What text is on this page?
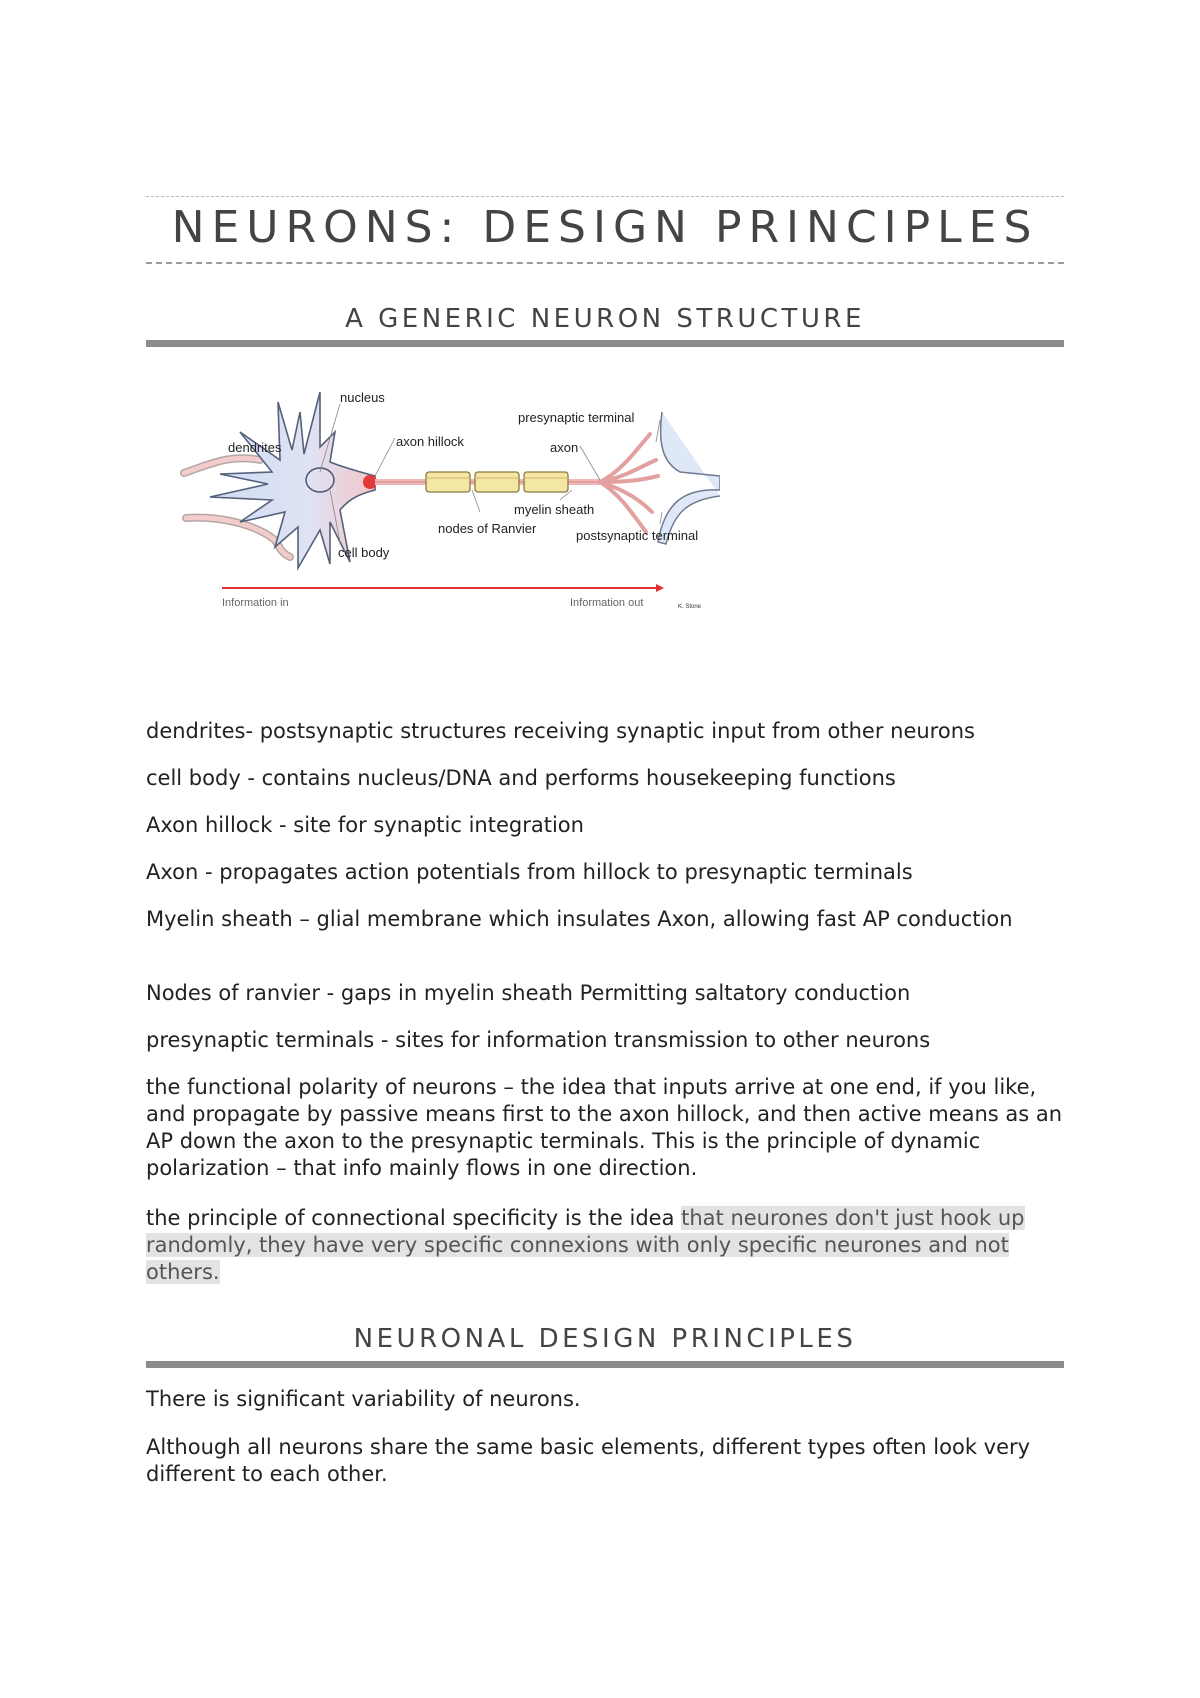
NEURONS: DESIGN PRINCIPLES
A GENERIC NEURON STRUCTURE
nucleus
dendrites	axon hillock
presynaptic terminal
axon
myelin sheath
nodes of Ranvier	postsynaptic terminal
cell body
Information in	Information out	K. Stone

dendrites- postsynaptic structures receiving synaptic input from other neurons

cell body - contains nucleus/DNA and performs housekeeping functions

Axon hillock - site for synaptic integration

Axon - propagates action potentials from hillock to presynaptic terminals

Myelin sheath – glial membrane which insulates Axon, allowing fast AP conduction

Nodes of ranvier - gaps in myelin sheath Permitting saltatory conduction

presynaptic terminals - sites for information transmission to other neurons

the functional polarity of neurons – the idea that inputs arrive at one end, if you like, and propagate by passive means first to the axon hillock, and then active means as an AP down the axon to the presynaptic terminals. This is the principle of dynamic polarization – that info mainly flows in one direction.

the principle of connectional specificity is the idea that neurones don't just hook up randomly, they have very specific connexions with only specific neurones and not others.

NEURONAL DESIGN PRINCIPLES

There is significant variability of neurons.

Although all neurons share the same basic elements, different types often look very different to each other.
